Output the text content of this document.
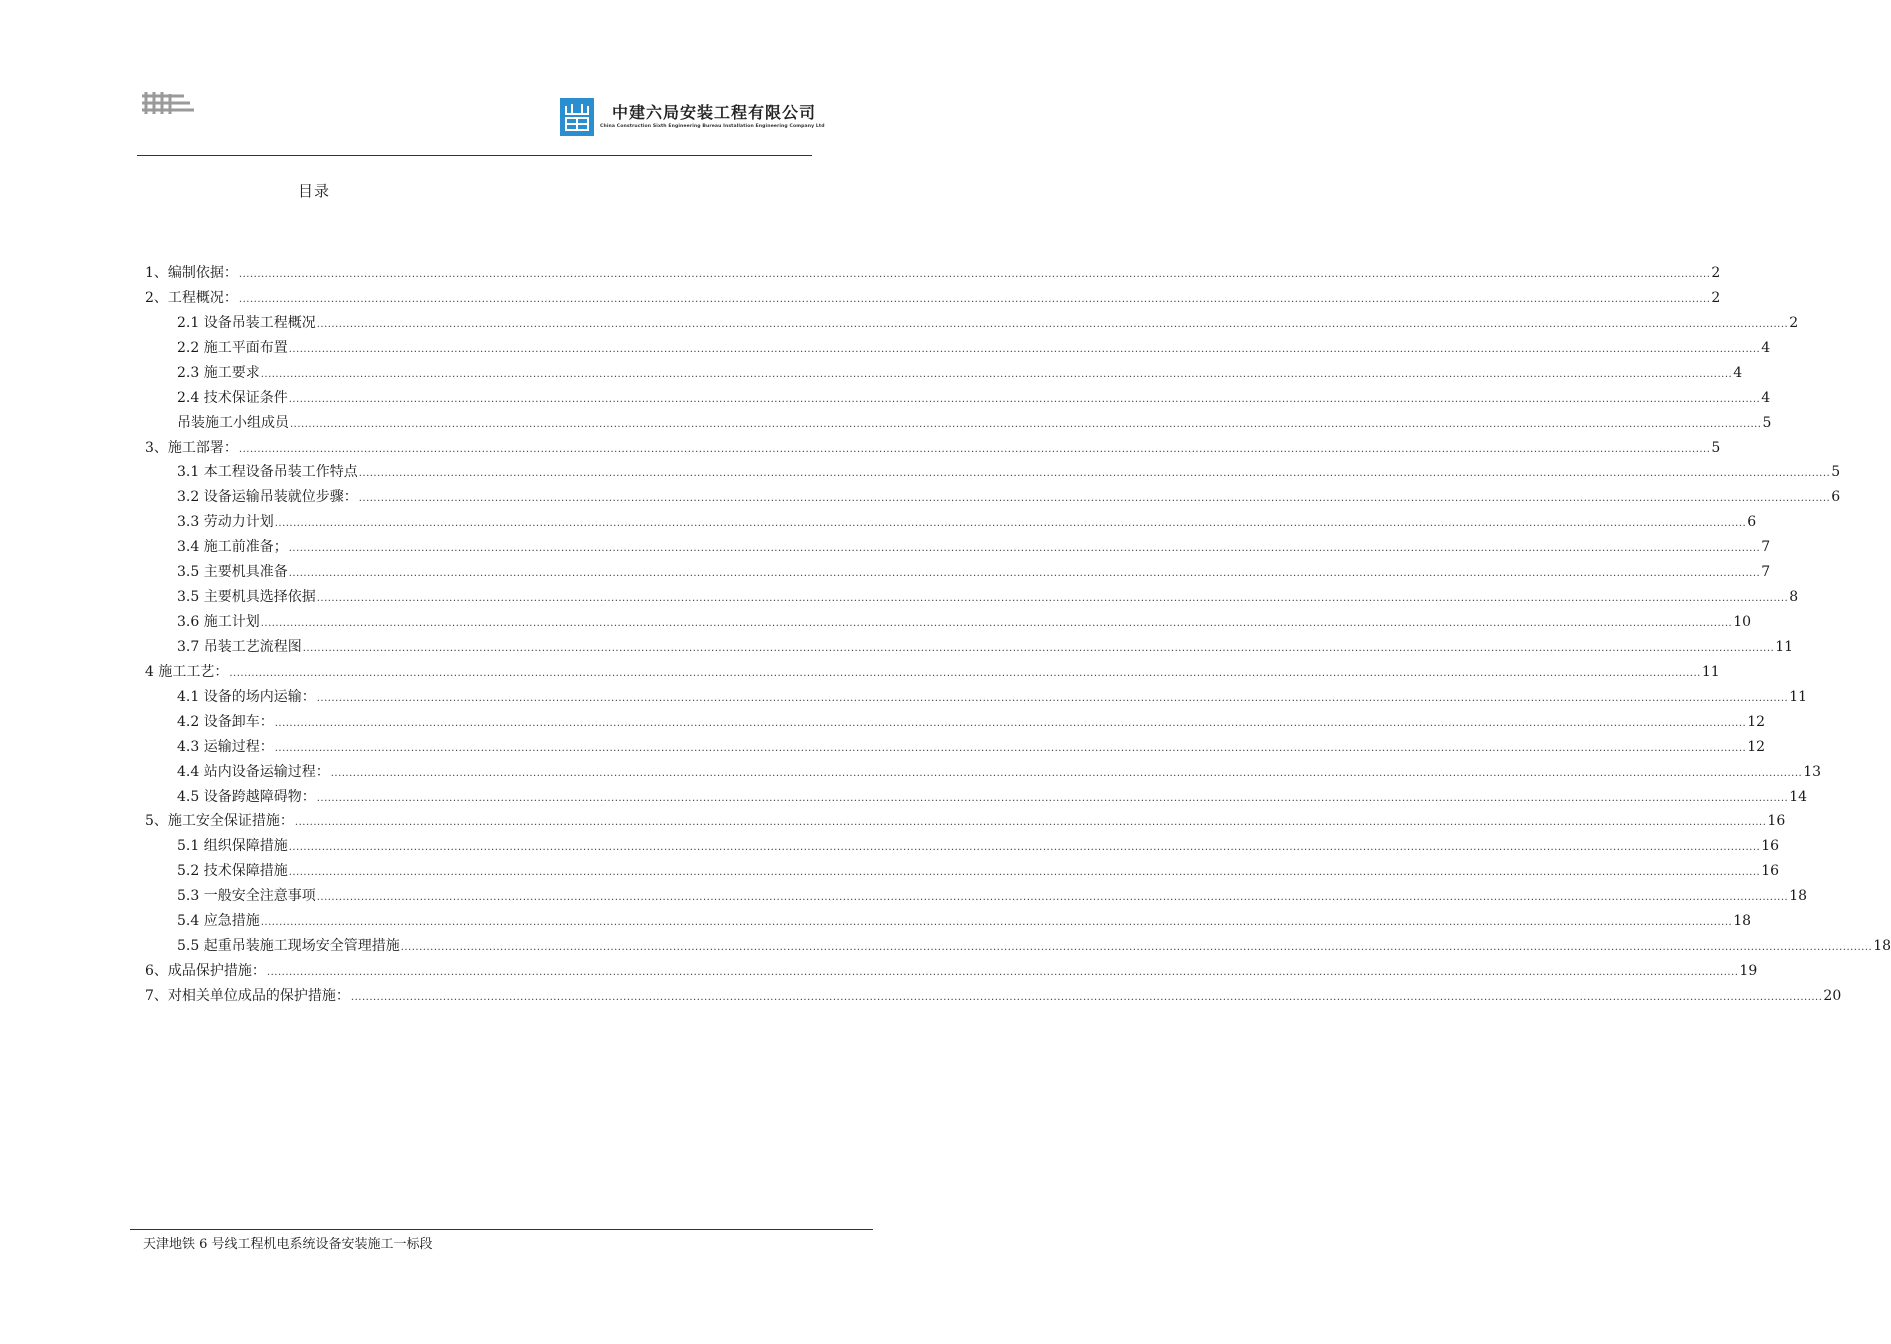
中建六局安装工程有限公司
China Construction Sixth Engineering Bureau Installation Engineering Company Ltd
目录
1、编制依据： ................................................................................................................................................................................................................................................................................................................................................................................................................ 2
2、工程概况： ................................................................................................................................................................................................................................................................................................................................................................................................................ 2
2.1 设备吊装工程概况 ................................................................................................................................................................................................................................................................................................................................................................................................................ 2
2.2 施工平面布置 ................................................................................................................................................................................................................................................................................................................................................................................................................ 4
2.3 施工要求 ................................................................................................................................................................................................................................................................................................................................................................................................................ 4
2.4 技术保证条件 ................................................................................................................................................................................................................................................................................................................................................................................................................ 4
吊装施工小组成员 ................................................................................................................................................................................................................................................................................................................................................................................................................ 5
3、施工部署： ................................................................................................................................................................................................................................................................................................................................................................................................................ 5
3.1 本工程设备吊装工作特点 ................................................................................................................................................................................................................................................................................................................................................................................................................ 5
3.2 设备运输吊装就位步骤： ................................................................................................................................................................................................................................................................................................................................................................................................................ 6
3.3 劳动力计划 ................................................................................................................................................................................................................................................................................................................................................................................................................ 6
3.4 施工前准备； ................................................................................................................................................................................................................................................................................................................................................................................................................ 7
3.5 主要机具准备 ................................................................................................................................................................................................................................................................................................................................................................................................................ 7
3.5 主要机具选择依据 ................................................................................................................................................................................................................................................................................................................................................................................................................ 8
3.6 施工计划 ................................................................................................................................................................................................................................................................................................................................................................................................................ 10
3.7 吊装工艺流程图 ................................................................................................................................................................................................................................................................................................................................................................................................................ 11
4 施工工艺： ................................................................................................................................................................................................................................................................................................................................................................................................................ 11
4.1 设备的场内运输： ................................................................................................................................................................................................................................................................................................................................................................................................................ 11
4.2 设备卸车： ................................................................................................................................................................................................................................................................................................................................................................................................................ 12
4.3 运输过程： ................................................................................................................................................................................................................................................................................................................................................................................................................ 12
4.4 站内设备运输过程： ................................................................................................................................................................................................................................................................................................................................................................................................................ 13
4.5 设备跨越障碍物： ................................................................................................................................................................................................................................................................................................................................................................................................................ 14
5、施工安全保证措施： ................................................................................................................................................................................................................................................................................................................................................................................................................ 16
5.1 组织保障措施 ................................................................................................................................................................................................................................................................................................................................................................................................................ 16
5.2 技术保障措施 ................................................................................................................................................................................................................................................................................................................................................................................................................ 16
5.3 一般安全注意事项 ................................................................................................................................................................................................................................................................................................................................................................................................................ 18
5.4 应急措施 ................................................................................................................................................................................................................................................................................................................................................................................................................ 18
5.5 起重吊装施工现场安全管理措施 ................................................................................................................................................................................................................................................................................................................................................................................................................ 18
6、成品保护措施： ................................................................................................................................................................................................................................................................................................................................................................................................................ 19
7、对相关单位成品的保护措施： ................................................................................................................................................................................................................................................................................................................................................................................................................ 20
天津地铁 6 号线工程机电系统设备安装施工一标段
